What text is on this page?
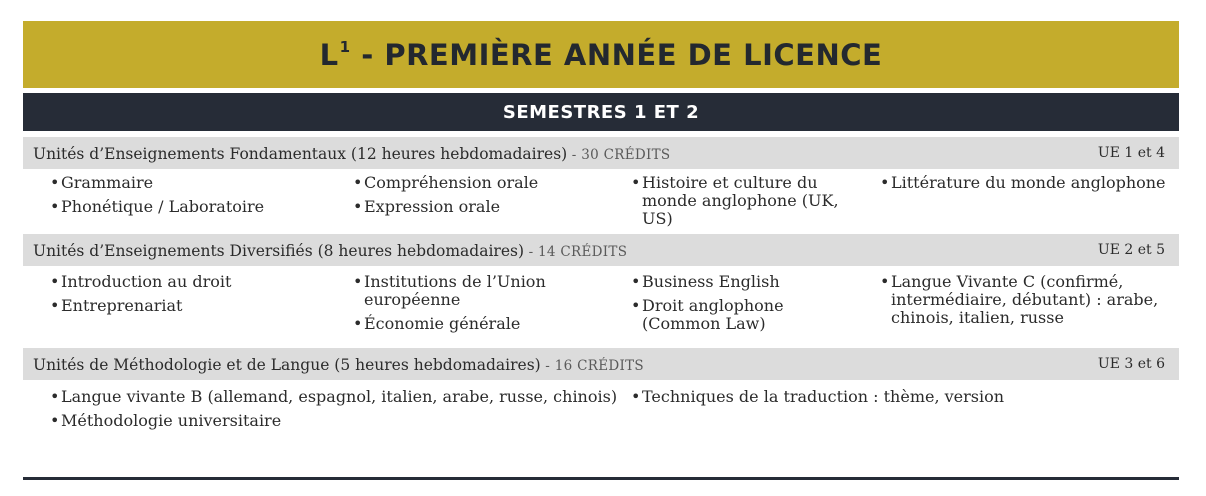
$L^1$ - PREMIÈRE ANNÉE DE LICENCE
SEMESTRES 1 ET 2
Unités d’Enseignements Fondamentaux (12 heures hebdomadaires) - 30 CRÉDITS	UE 1 et 4
• Grammaire
• Phonétique / Laboratoire
• Compréhension orale
• Expression orale
• Histoire et culture du monde anglophone (UK, US)
• Littérature du monde anglophone
Unités d’Enseignements Diversifiés (8 heures hebdomadaires) - 14 CRÉDITS	UE 2 et 5
• Introduction au droit
• Entreprenariat
• Institutions de l’Union européenne
• Économie générale
• Business English
• Droit anglophone (Common Law)
• Langue Vivante C (confirmé, intermédiaire, débutant) : arabe, chinois, italien, russe
Unités de Méthodologie et de Langue (5 heures hebdomadaires) - 16 CRÉDITS	UE 3 et 6
• Langue vivante B (allemand, espagnol, italien, arabe, russe, chinois)
• Méthodologie universitaire
• Techniques de la traduction : thème, version
